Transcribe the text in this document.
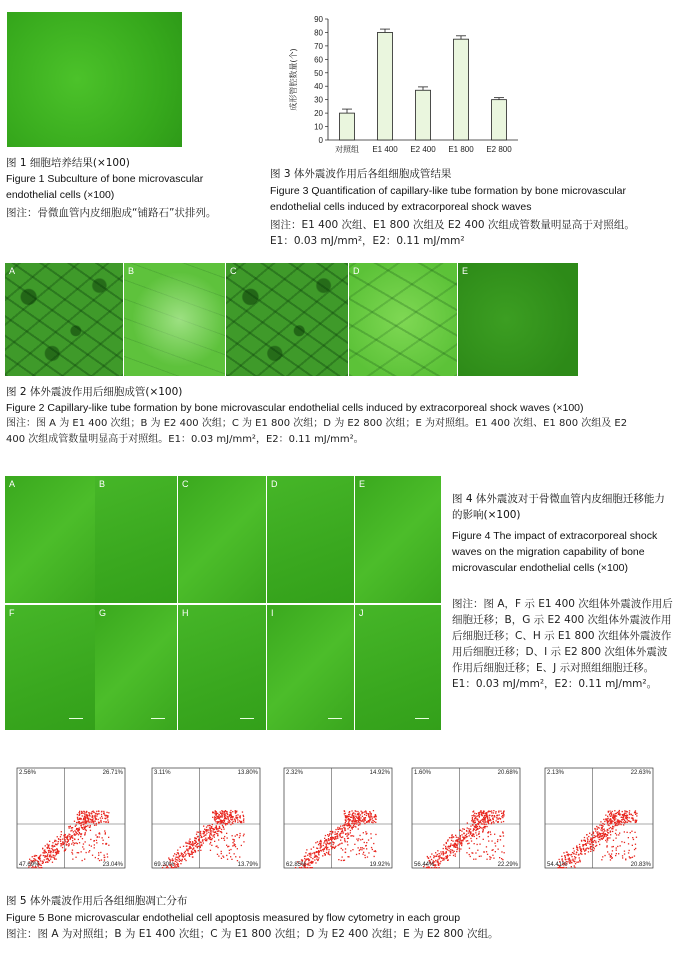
图 1 细胞培养结果(×100)
Figure 1 Subculture of bone microvascular endothelial cells (×100)
图注：骨微血管内皮细胞成“铺路石”状排列。
0
10
20
30
40
50
60
70
80
90
成形管腔数量(个)
对照组 E1 400 E2 400 E1 800 E2 800
图 3 体外震波作用后各组细胞成管结果
Figure 3 Quantification of capillary-like tube formation by bone microvascular endothelial cells induced by extracorporeal shock waves
图注：E1 400 次组、E1 800 次组及 E2 400 次组成管数量明显高于对照组。E1：0.03 mJ/mm²，E2：0.11 mJ/mm²
A	B	C	D	E
图 2 体外震波作用后细胞成管(×100)
Figure 2 Capillary-like tube formation by bone microvascular endothelial cells induced by extracorporeal shock waves (×100)
图注：图 A 为 E1 400 次组；B 为 E2 400 次组；C 为 E1 800 次组；D 为 E2 800 次组；E 为对照组。E1 400 次组、E1 800 次组及 E2
400 次组成管数量明显高于对照组。E1：0.03 mJ/mm²，E2：0.11 mJ/mm²。
A	B	C	D	E
F	G	H	I	J
图 4 体外震波对于骨微血管内皮细胞迁移能力的影响(×100)
Figure 4 The impact of extracorporeal shock waves on the migration capability of bone microvascular endothelial cells (×100)
图注：图 A，F 示 E1 400 次组体外震波作用后细胞迁移；B，G 示 E2 400 次组体外震波作用后细胞迁移；C、H 示 E1 800 次组体外震波作用后细胞迁移；D、I 示 E2 800 次组体外震波作用后细胞迁移；E、J 示对照组细胞迁移。E1：0.03 mJ/mm²，E2：0.11 mJ/mm²。
2.56%	26.71%
47.69%	23.04%
3.11%	13.80%
69.30%	13.79%
2.32%	14.92%
62.85%	19.92%
1.60%	20.68%
56.44%	22.29%
2.13%	22.63%
54.41%	20.83%
图 5 体外震波作用后各组细胞凋亡分布
Figure 5 Bone microvascular endothelial cell apoptosis measured by flow cytometry in each group
图注：图 A 为对照组；B 为 E1 400 次组；C 为 E1 800 次组；D 为 E2 400 次组；E 为 E2 800 次组。
